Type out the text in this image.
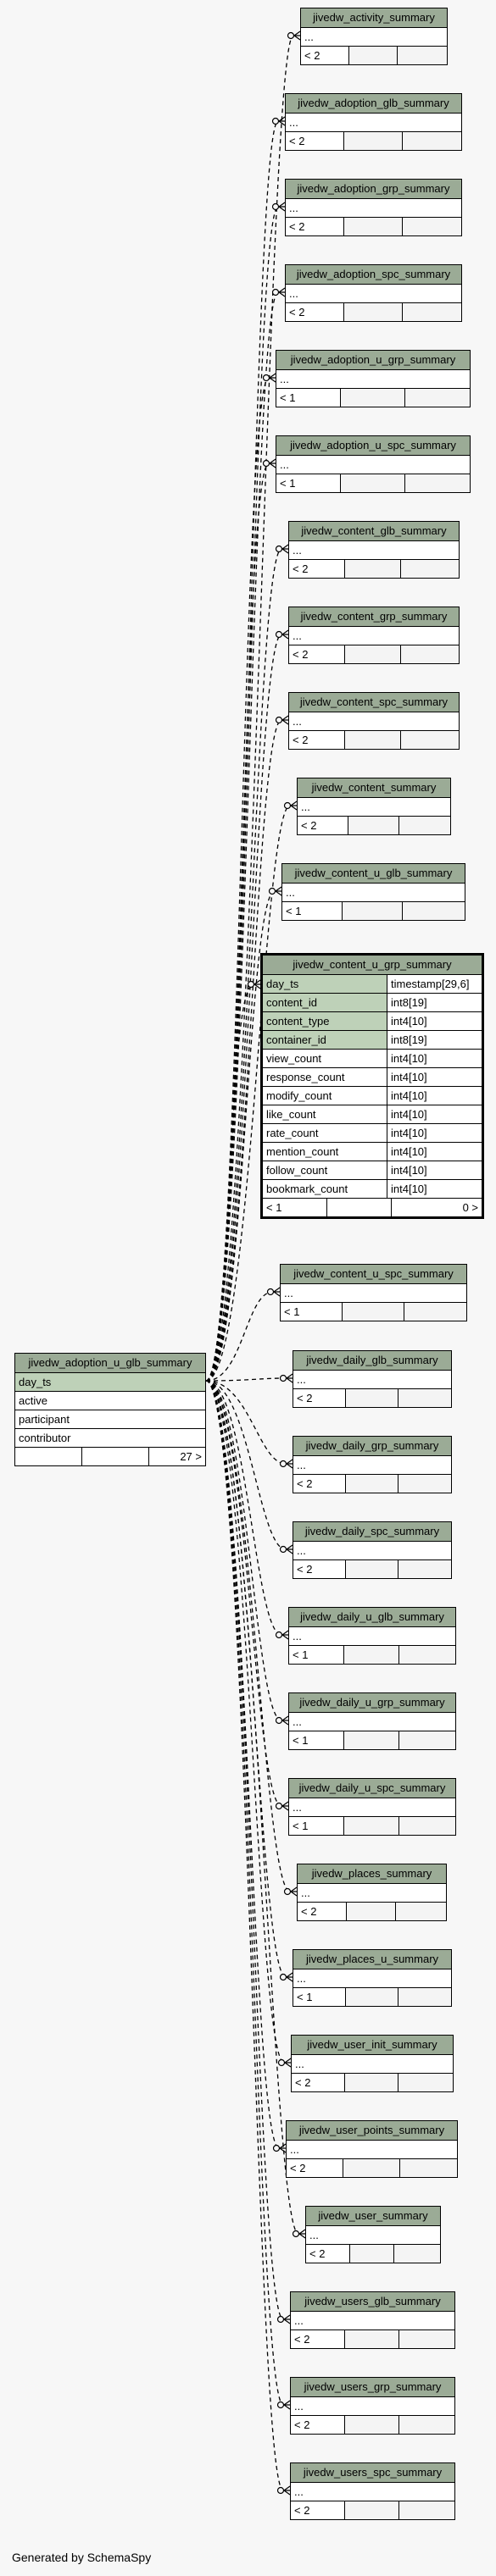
jivedw_adoption_u_glb_summary
day_ts
active
participant
contributor
27 >
jivedw_content_u_grp_summary
day_ts	timestamp[29,6]
content_id	int8[19]
content_type	int4[10]
container_id	int8[19]
view_count	int4[10]
response_count	int4[10]
modify_count	int4[10]
like_count	int4[10]
rate_count	int4[10]
mention_count	int4[10]
follow_count	int4[10]
bookmark_count	int4[10]
< 1	0 >
jivedw_activity_summary
...
< 2
jivedw_adoption_glb_summary
...
< 2
jivedw_adoption_grp_summary
...
< 2
jivedw_adoption_spc_summary
...
< 2
jivedw_adoption_u_grp_summary
...
< 1
jivedw_adoption_u_spc_summary
...
< 1
jivedw_content_glb_summary
...
< 2
jivedw_content_grp_summary
...
< 2
jivedw_content_spc_summary
...
< 2
jivedw_content_summary
...
< 2
jivedw_content_u_glb_summary
...
< 1
jivedw_content_u_spc_summary
...
< 1
jivedw_daily_glb_summary
...
< 2
jivedw_daily_grp_summary
...
< 2
jivedw_daily_spc_summary
...
< 2
jivedw_daily_u_glb_summary
...
< 1
jivedw_daily_u_grp_summary
...
< 1
jivedw_daily_u_spc_summary
...
< 1
jivedw_places_summary
...
< 2
jivedw_places_u_summary
...
< 1
jivedw_user_init_summary
...
< 2
jivedw_user_points_summary
...
< 2
jivedw_user_summary
...
< 2
jivedw_users_glb_summary
...
< 2
jivedw_users_grp_summary
...
< 2
jivedw_users_spc_summary
...
< 2
Generated by SchemaSpy
